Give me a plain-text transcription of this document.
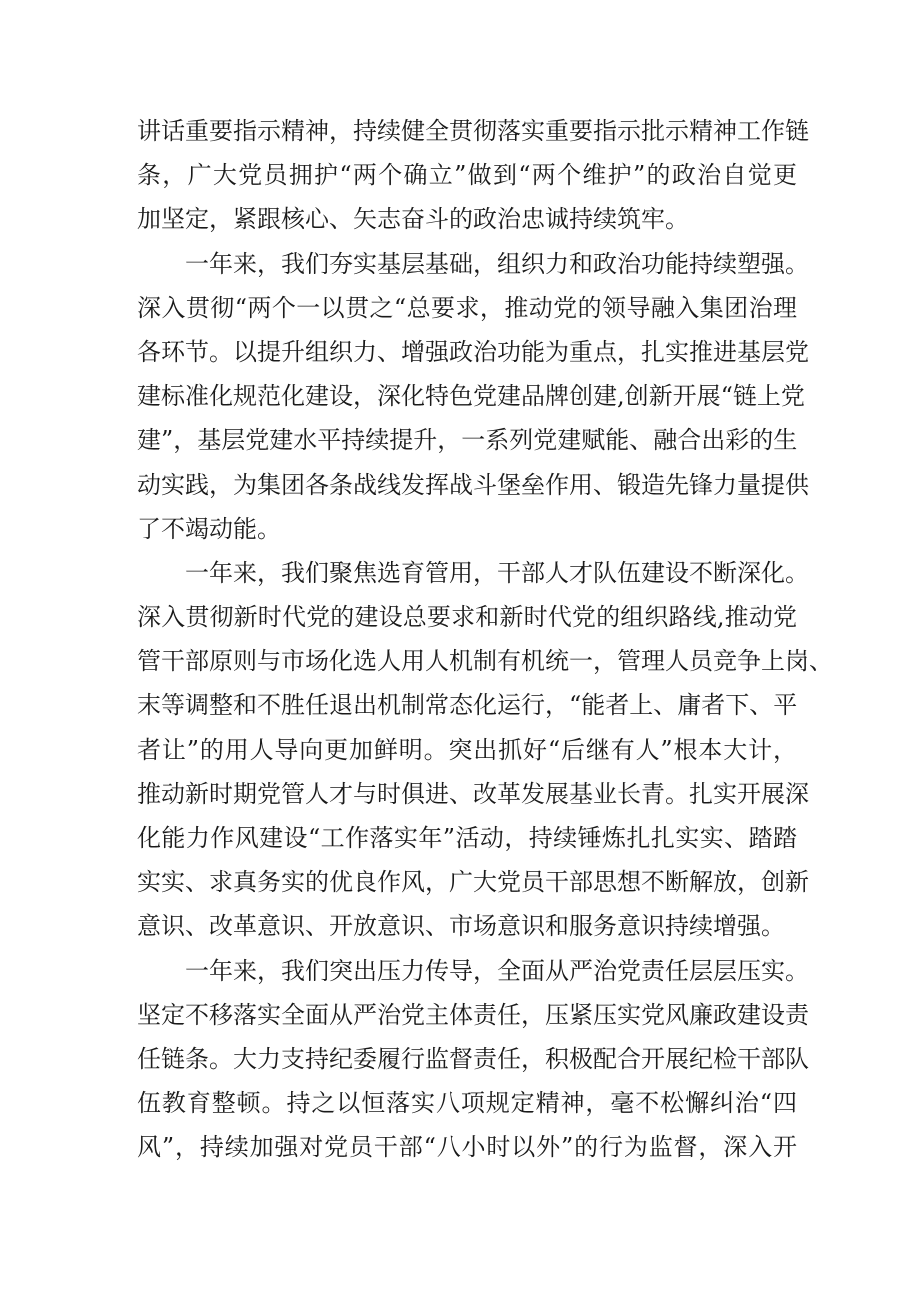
讲话重要指示精神，持续健全贯彻落实重要指示批示精神工作链
条，广大党员拥护“两个确立”做到“两个维护”的政治自觉更
加坚定，紧跟核心、矢志奋斗的政治忠诚持续筑牢。
一年来，我们夯实基层基础，组织力和政治功能持续塑强。
深入贯彻“两个一以贯之“总要求，推动党的领导融入集团治理
各环节。以提升组织力、增强政治功能为重点，扎实推进基层党
建标准化规范化建设，深化特色党建品牌创建,创新开展“链上党
建”，基层党建水平持续提升，一系列党建赋能、融合出彩的生
动实践，为集团各条战线发挥战斗堡垒作用、锻造先锋力量提供
了不竭动能。
一年来，我们聚焦选育管用，干部人才队伍建设不断深化。
深入贯彻新时代党的建设总要求和新时代党的组织路线,推动党
管干部原则与市场化选人用人机制有机统一，管理人员竞争上岗、
末等调整和不胜任退出机制常态化运行，“能者上、庸者下、平
者让”的用人导向更加鲜明。突出抓好“后继有人”根本大计，
推动新时期党管人才与时俱进、改革发展基业长青。扎实开展深
化能力作风建设“工作落实年”活动，持续锤炼扎扎实实、踏踏
实实、求真务实的优良作风，广大党员干部思想不断解放，创新
意识、改革意识、开放意识、市场意识和服务意识持续增强。
一年来，我们突出压力传导，全面从严治党责任层层压实。
坚定不移落实全面从严治党主体责任，压紧压实党风廉政建设责
任链条。大力支持纪委履行监督责任，积极配合开展纪检干部队
伍教育整顿。持之以恒落实八项规定精神，毫不松懈纠治“四
风”，持续加强对党员干部“八小时以外”的行为监督，深入开
